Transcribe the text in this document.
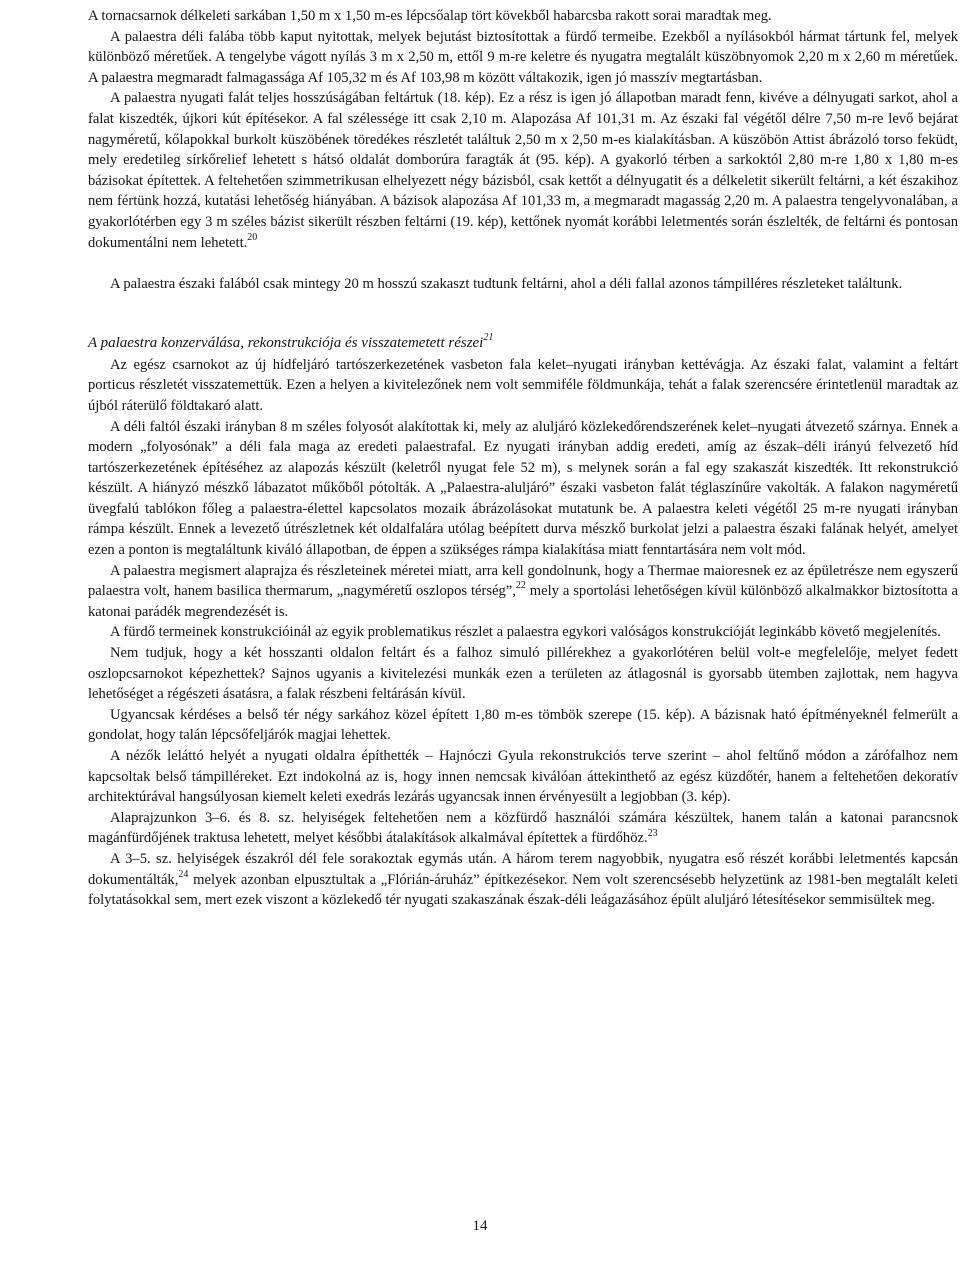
A tornacsarnok délkeleti sarkában 1,50 m x 1,50 m-es lépcsőalap tört kövekből habarcsba rakott sorai maradtak meg.

A palaestra déli falába több kaput nyitottak, melyek bejutást biztosítottak a fürdő termeibe. Ezekből a nyílásokból hármat tártunk fel, melyek különböző méretűek. A tengelybe vágott nyílás 3 m x 2,50 m, ettől 9 m-re keletre és nyugatra megtalált küszöbnyomok 2,20 m x 2,60 m méretűek. A palaestra megmaradt falmagassága Af 105,32 m és Af 103,98 m között váltakozik, igen jó masszív megtartásban.

A palaestra nyugati falát teljes hosszúságában feltártuk (18. kép). Ez a rész is igen jó állapotban maradt fenn, kivéve a délnyugati sarkot, ahol a falat kiszedték, újkori kút építésekor. A fal szélessége itt csak 2,10 m. Alapozása Af 101,31 m. Az északi fal végétől délre 7,50 m-re levő bejárat nagyméretű, kőlapokkal burkolt küszöbének töredékes részletét találtuk 2,50 m x 2,50 m-es kialakításban. A küszöbön Attist ábrázoló torso feküdt, mely eredetileg sírkőrelief lehetett s hátsó oldalát domborúra faragták át (95. kép). A gyakorló térben a sarkoktól 2,80 m-re 1,80 x 1,80 m-es bázisokat építettek. A feltehetően szimmetrikusan elhelyezett négy bázisból, csak kettőt a délnyugatit és a délkeletit sikerült feltárni, a két északihoz nem fértünk hozzá, kutatási lehetőség hiányában. A bázisok alapozása Af 101,33 m, a megmaradt magasság 2,20 m. A palaestra tengelyvonalában, a gyakorlótérben egy 3 m széles bázist sikerült részben feltárni (19. kép), kettőnek nyomát korábbi leletmentés során észlelték, de feltárni és pontosan dokumentálni nem lehetett.$^{20}$

A palaestra északi falából csak mintegy 20 m hosszú szakaszt tudtunk feltárni, ahol a déli fallal azonos támpilléres részleteket találtunk.

A palaestra konzerválása, rekonstrukciója és visszatemetett részei$^{21}$

Az egész csarnokot az új hídfeljáró tartószerkezetének vasbeton fala kelet–nyugati irányban kettévágja. Az északi falat, valamint a feltárt porticus részletét visszatemettük. Ezen a helyen a kivitelezőnek nem volt semmiféle földmunkája, tehát a falak szerencsére érintetlenül maradtak az újból ráterülő földtakaró alatt.

A déli faltól északi irányban 8 m széles folyosót alakítottak ki, mely az aluljáró közlekedőrendszerének kelet–nyugati átvezető szárnya. Ennek a modern „folyosónak” a déli fala maga az eredeti palaestrafal. Ez nyugati irányban addig eredeti, amíg az észak–déli irányú felvezető híd tartószerkezetének építéséhez az alapozás készült (keletről nyugat fele 52 m), s melynek során a fal egy szakaszát kiszedték. Itt rekonstrukció készült. A hiányzó mészkő lábazatot műkőből pótolták. A „Palaestra-aluljáró” északi vasbeton falát téglaszínűre vakolták. A falakon nagyméretű üvegfalú tablókon főleg a palaestra-élettel kapcsolatos mozaik ábrázolásokat mutatunk be. A palaestra keleti végétől 25 m-re nyugati irányban rámpa készült. Ennek a levezető útrészletnek két oldalfalára utólag beépített durva mészkő burkolat jelzi a palaestra északi falának helyét, amelyet ezen a ponton is megtaláltunk kiváló állapotban, de éppen a szükséges rámpa kialakítása miatt fenntartására nem volt mód.

A palaestra megismert alaprajza és részleteinek méretei miatt, arra kell gondolnunk, hogy a Thermae maioresnek ez az épületrésze nem egyszerű palaestra volt, hanem basilica thermarum, „nagyméretű oszlopos térség”,$^{22}$ mely a sportolási lehetőségen kívül különböző alkalmakkor biztosította a katonai parádék megrendezését is.

A fürdő termeinek konstrukcióinál az egyik problematikus részlet a palaestra egykori valóságos konstrukcióját leginkább követő megjelenítés.

Nem tudjuk, hogy a két hosszanti oldalon feltárt és a falhoz simuló pillérekhez a gyakorlótéren belül volt-e megfelelője, melyet fedett oszlopcsarnokot képezhettek? Sajnos ugyanis a kivitelezési munkák ezen a területen az átlagosnál is gyorsabb ütemben zajlottak, nem hagyva lehetőséget a régészeti ásatásra, a falak részbeni feltárásán kívül.

Ugyancsak kérdéses a belső tér négy sarkához közel épített 1,80 m-es tömbök szerepe (15. kép). A bázisnak ható építményeknél felmerült a gondolat, hogy talán lépcsőfeljárók magjai lehettek.

A nézők leláttó helyét a nyugati oldalra építhették – Hajnóczi Gyula rekonstrukciós terve szerint – ahol feltűnő módon a zárófalhoz nem kapcsoltak belső támpilléreket. Ezt indokolná az is, hogy innen nemcsak kiválóan áttekinthető az egész küzdőtér, hanem a feltehetően dekoratív architektúrával hangsúlyosan kiemelt keleti exedrás lezárás ugyancsak innen érvényesült a legjobban (3. kép).

Alaprajzunkon 3–6. és 8. sz. helyiségek feltehetően nem a közfürdő használói számára készültek, hanem talán a katonai parancsnok magánfürdőjének traktusa lehetett, melyet későbbi átalakítások alkalmával építettek a fürdőhöz.$^{23}$

A 3–5. sz. helyiségek északról dél fele sorakoztak egymás után. A három terem nagyobbik, nyugatra eső részét korábbi leletmentés kapcsán dokumentálták,$^{24}$ melyek azonban elpusztultak a „Flórián-áruház” építkezésekor. Nem volt szerencsésebb helyzetünk az 1981-ben megtalált keleti folytatásokkal sem, mert ezek viszont a közlekedő tér nyugati szakaszának észak-déli leágazásához épült aluljáró létesítésekor semmisültek meg.

14
